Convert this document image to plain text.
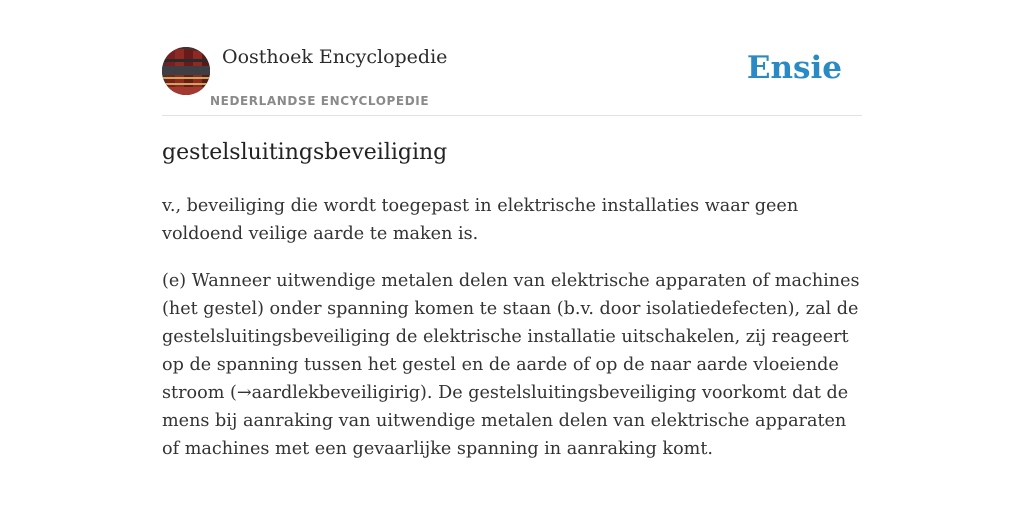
Oosthoek Encyclopedie
NEDERLANDSE ENCYCLOPEDIE
Ensie
gestelsluitingsbeveiliging

v., beveiliging die wordt toegepast in elektrische installaties waar geen voldoend veilige aarde te maken is.

(e) Wanneer uitwendige metalen delen van elektrische apparaten of machines (het gestel) onder spanning komen te staan (b.v. door isolatiedefecten), zal de gestelsluitingsbeveiliging de elektrische installatie uitschakelen, zij reageert op de spanning tussen het gestel en de aarde of op de naar aarde vloeiende stroom (→aardlekbeveiligirig). De gestelsluitingsbeveiliging voorkomt dat de mens bij aanraking van uitwendige metalen delen van elektrische apparaten of machines met een gevaarlijke spanning in aanraking komt.
